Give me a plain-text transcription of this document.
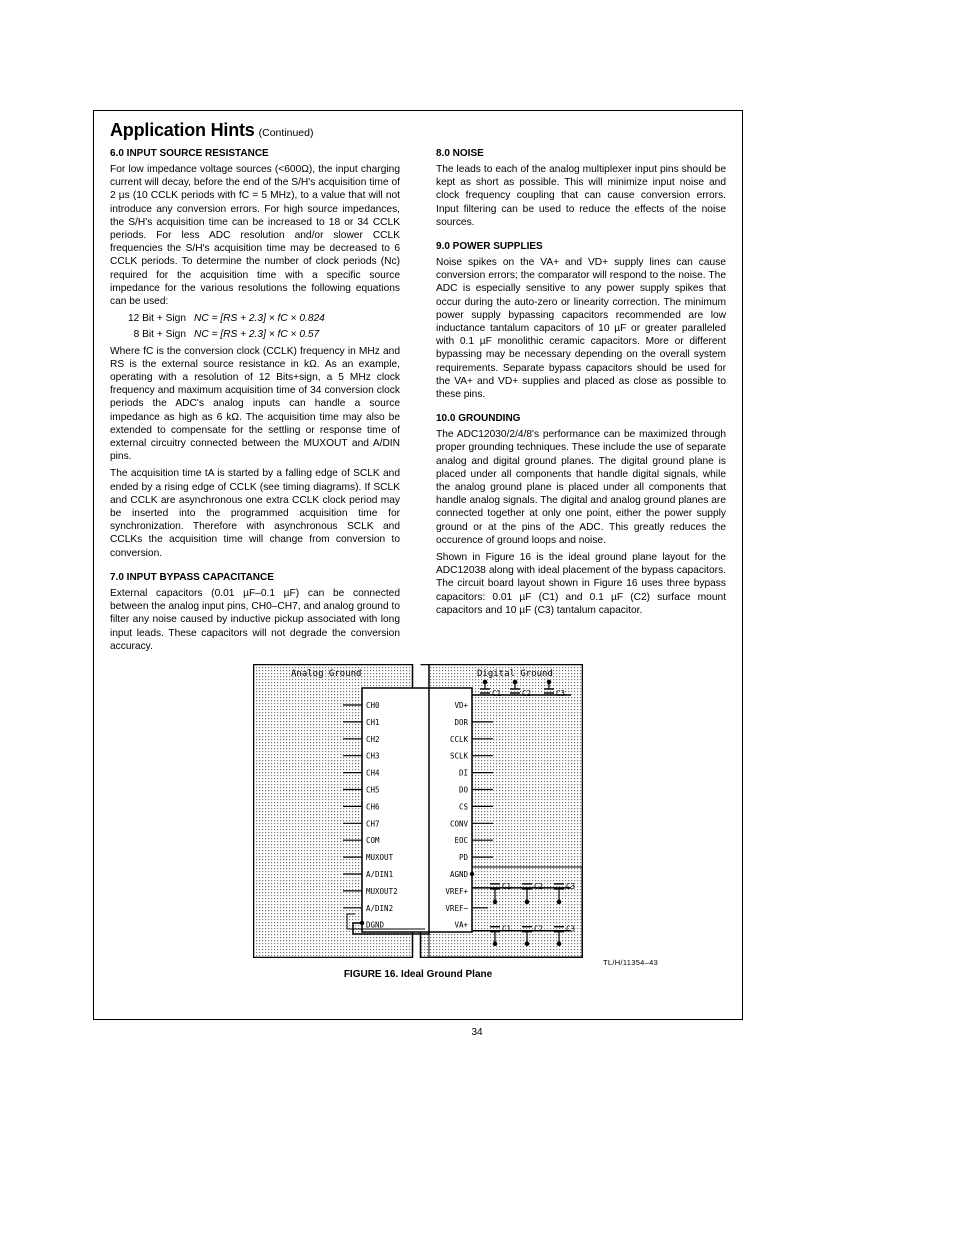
Application Hints (Continued)
6.0 INPUT SOURCE RESISTANCE

For low impedance voltage sources (<600Ω), the input charging current will decay, before the end of the S/H's acquisition time of 2 µs (10 CCLK periods with fC = 5 MHz), to a value that will not introduce any conversion errors. For high source impedances, the S/H's acquisition time can be increased to 18 or 34 CCLK periods. For less ADC resolution and/or slower CCLK frequencies the S/H's acquisition time may be decreased to 6 CCLK periods. To determine the number of clock periods (Nc) required for the acquisition time with a specific source impedance for the various resolutions the following equations can be used:

12 Bit + Sign NC = [RS + 2.3] × fC × 0.824
8 Bit + Sign NC = [RS + 2.3] × fC × 0.57

Where fC is the conversion clock (CCLK) frequency in MHz and RS is the external source resistance in kΩ. As an example, operating with a resolution of 12 Bits+sign, a 5 MHz clock frequency and maximum acquisition time of 34 conversion clock periods the ADC's analog inputs can handle a source impedance as high as 6 kΩ. The acquisition time may also be extended to compensate for the settling or response time of external circuitry connected between the MUXOUT and A/DIN pins.

The acquisition time tA is started by a falling edge of SCLK and ended by a rising edge of CCLK (see timing diagrams). If SCLK and CCLK are asynchronous one extra CCLK clock period may be inserted into the programmed acquisition time for synchronization. Therefore with asynchronous SCLK and CCLKs the acquisition time will change from conversion to conversion.

7.0 INPUT BYPASS CAPACITANCE

External capacitors (0.01 µF–0.1 µF) can be connected between the analog input pins, CH0–CH7, and analog ground to filter any noise caused by inductive pickup associated with long input leads. These capacitors will not degrade the conversion accuracy.

8.0 NOISE

The leads to each of the analog multiplexer input pins should be kept as short as possible. This will minimize input noise and clock frequency coupling that can cause conversion errors. Input filtering can be used to reduce the effects of the noise sources.

9.0 POWER SUPPLIES

Noise spikes on the VA+ and VD+ supply lines can cause conversion errors; the comparator will respond to the noise. The ADC is especially sensitive to any power supply spikes that occur during the auto-zero or linearity correction. The minimum power supply bypassing capacitors recommended are low inductance tantalum capacitors of 10 µF or greater paralleled with 0.1 µF monolithic ceramic capacitors. More or different bypassing may be necessary depending on the overall system requirements. Separate bypass capacitors should be used for the VA+ and VD+ supplies and placed as close as possible to these pins.

10.0 GROUNDING

The ADC12030/2/4/8's performance can be maximized through proper grounding techniques. These include the use of separate analog and digital ground planes. The digital ground plane is placed under all components that handle digital signals, while the analog ground plane is placed under all components that handle analog signals. The digital and analog ground planes are connected together at only one point, either the power supply ground or at the pins of the ADC. This greatly reduces the occurence of ground loops and noise.

Shown in Figure 16 is the ideal ground plane layout for the ADC12038 along with ideal placement of the bypass capacitors. The circuit board layout shown in Figure 16 uses three bypass capacitors: 0.01 µF (C1) and 0.1 µF (C2) surface mount capacitors and 10 µF (C3) tantalum capacitor.

CH0
CH1
CH2
CH3
CH4
CH5
CH6
CH7
COM
MUXOUT
A/DIN1
MUXOUT2
A/DIN2
DGND
VD+
DOR
CCLK
SCLK
DI
DO
CS
CONV
EOC
PD
AGND
VREF+
VREF−
VA+
C1	C2	C3
C1	C2	C3
C1	C2	C3
Analog Ground	Digital Ground
TL/H/11354–43
FIGURE 16. Ideal Ground Plane
34
